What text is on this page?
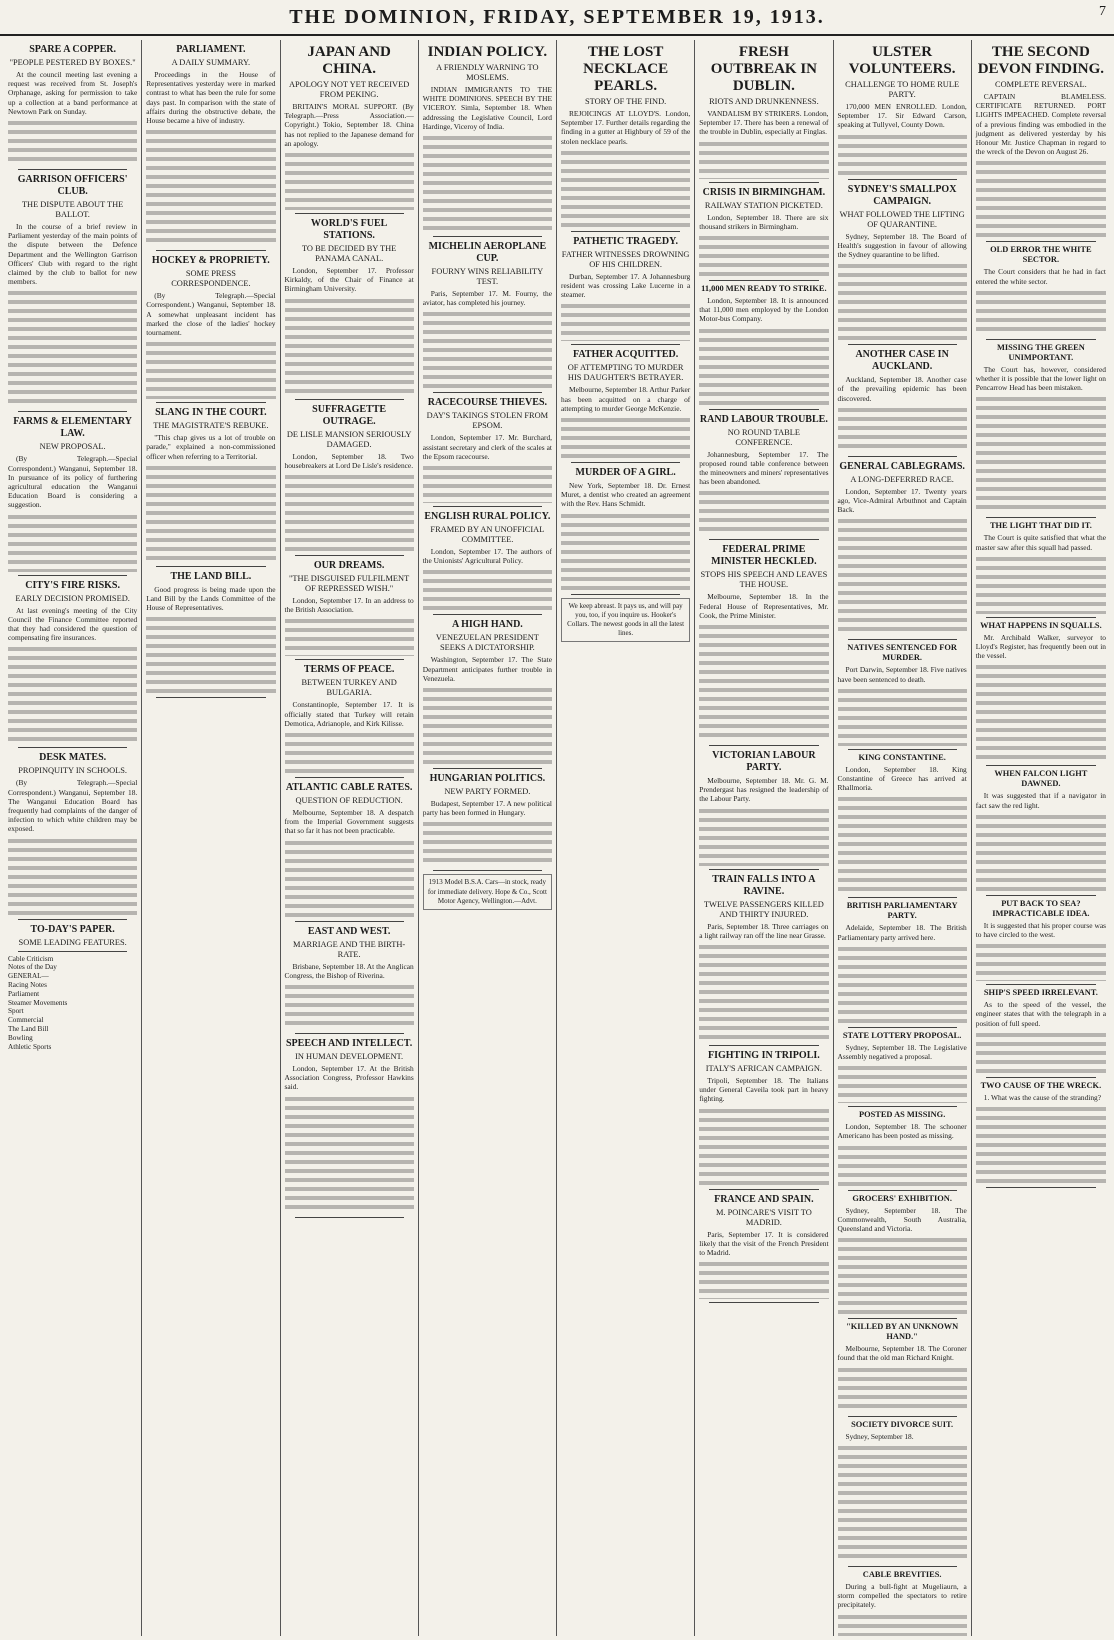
THE DOMINION, FRIDAY, SEPTEMBER 19, 1913.	7
SPARE A COPPER.
"PEOPLE PESTERED BY BOXES."

At the council meeting last evening a request was received from St. Joseph's Orphanage, asking for permission to take up a collection at a band performance at Newtown Park on Sunday.

GARRISON OFFICERS' CLUB.
THE DISPUTE ABOUT THE BALLOT.

In the course of a brief review in Parliament yesterday of the main points of the dispute between the Defence Department and the Wellington Garrison Officers' Club with regard to the right claimed by the club to ballot for new members.

FARMS & ELEMENTARY LAW.
NEW PROPOSAL.

(By Telegraph.—Special Correspondent.) Wanganui, September 18. In pursuance of its policy of furthering agricultural education the Wanganui Education Board is considering a suggestion.

CITY'S FIRE RISKS.
EARLY DECISION PROMISED.

At last evening's meeting of the City Council the Finance Committee reported that they had considered the question of compensating fire insurances.

DESK MATES.
PROPINQUITY IN SCHOOLS.

(By Telegraph.—Special Correspondent.) Wanganui, September 18. The Wanganui Education Board has frequently had complaints of the danger of infection to which white children may be exposed.

TO-DAY'S PAPER.
SOME LEADING FEATURES.
Cable Criticism
Notes of the Day
GENERAL—
Racing Notes
Parliament
Steamer Movements
Sport
Commercial
The Land Bill
Bowling
Athletic Sports
PARLIAMENT.
A DAILY SUMMARY.

Proceedings in the House of Representatives yesterday were in marked contrast to what has been the rule for some days past. In comparison with the state of affairs during the obstructive debate, the House became a hive of industry.

HOCKEY & PROPRIETY.
SOME PRESS CORRESPONDENCE.

(By Telegraph.—Special Correspondent.) Wanganui, September 18. A somewhat unpleasant incident has marked the close of the ladies' hockey tournament.

SLANG IN THE COURT.
THE MAGISTRATE'S REBUKE.

"This chap gives us a lot of trouble on parade," explained a non-commissioned officer when referring to a Territorial.

THE LAND BILL.

Good progress is being made upon the Land Bill by the Lands Committee of the House of Representatives.

JAPAN AND CHINA.
APOLOGY NOT YET RECEIVED FROM PEKING.

BRITAIN'S MORAL SUPPORT. (By Telegraph.—Press Association.—Copyright.) Tokio, September 18. China has not replied to the Japanese demand for an apology.

WORLD'S FUEL STATIONS.
TO BE DECIDED BY THE PANAMA CANAL.

London, September 17. Professor Kirkaldy, of the Chair of Finance at Birmingham University.

SUFFRAGETTE OUTRAGE.
DE LISLE MANSION SERIOUSLY DAMAGED.

London, September 18. Two housebreakers at Lord De Lisle's residence.

OUR DREAMS.
"THE DISGUISED FULFILMENT OF REPRESSED WISH."

London, September 17. In an address to the British Association.

TERMS OF PEACE.
BETWEEN TURKEY AND BULGARIA.

Constantinople, September 17. It is officially stated that Turkey will retain Demotica, Adrianople, and Kirk Kilisse.

ATLANTIC CABLE RATES.
QUESTION OF REDUCTION.

Melbourne, September 18. A despatch from the Imperial Government suggests that so far it has not been practicable.

EAST AND WEST.
MARRIAGE AND THE BIRTH-RATE.

Brisbane, September 18. At the Anglican Congress, the Bishop of Riverina.

SPEECH AND INTELLECT.
IN HUMAN DEVELOPMENT.

London, September 17. At the British Association Congress, Professor Hawkins said.

INDIAN POLICY.
A FRIENDLY WARNING TO MOSLEMS.

INDIAN IMMIGRANTS TO THE WHITE DOMINIONS. SPEECH BY THE VICEROY. Simla, September 18. When addressing the Legislative Council, Lord Hardinge, Viceroy of India.

MICHELIN AEROPLANE CUP.
FOURNY WINS RELIABILITY TEST.

Paris, September 17. M. Fourny, the aviator, has completed his journey.

RACECOURSE THIEVES.
DAY'S TAKINGS STOLEN FROM EPSOM.

London, September 17. Mr. Burchard, assistant secretary and clerk of the scales at the Epsom racecourse.

ENGLISH RURAL POLICY.
FRAMED BY AN UNOFFICIAL COMMITTEE.

London, September 17. The authors of the Unionists' Agricultural Policy.

A HIGH HAND.
VENEZUELAN PRESIDENT SEEKS A DICTATORSHIP.

Washington, September 17. The State Department anticipates further trouble in Venezuela.

HUNGARIAN POLITICS.
NEW PARTY FORMED.

Budapest, September 17. A new political party has been formed in Hungary.

1913 Model B.S.A. Cars—in stock, ready for immediate delivery. Hope & Co., Scott Motor Agency, Wellington.—Advt.
THE LOST NECKLACE PEARLS.
STORY OF THE FIND.

REJOICINGS AT LLOYD'S. London, September 17. Further details regarding the finding in a gutter at Highbury of 59 of the stolen necklace pearls.

PATHETIC TRAGEDY.
FATHER WITNESSES DROWNING OF HIS CHILDREN.

Durban, September 17. A Johannesburg resident was crossing Lake Lucerne in a steamer.

FATHER ACQUITTED.
OF ATTEMPTING TO MURDER HIS DAUGHTER'S BETRAYER.

Melbourne, September 18. Arthur Parker has been acquitted on a charge of attempting to murder George McKenzie.

MURDER OF A GIRL.

New York, September 18. Dr. Ernest Muret, a dentist who created an agreement with the Rev. Hans Schmidt.

We keep abreast. It pays us, and will pay you, too, if you inquire us. Hooker's Collars. The newest goods in all the latest lines.
FRESH OUTBREAK IN DUBLIN.
RIOTS AND DRUNKENNESS.

VANDALISM BY STRIKERS. London, September 17. There has been a renewal of the trouble in Dublin, especially at Finglas.

CRISIS IN BIRMINGHAM.
RAILWAY STATION PICKETED.

London, September 18. There are six thousand strikers in Birmingham.

11,000 MEN READY TO STRIKE.

London, September 18. It is announced that 11,000 men employed by the London Motor-bus Company.

RAND LABOUR TROUBLE.
NO ROUND TABLE CONFERENCE.

Johannesburg, September 17. The proposed round table conference between the mineowners and miners' representatives has been abandoned.

FEDERAL PRIME MINISTER HECKLED.
STOPS HIS SPEECH AND LEAVES THE HOUSE.

Melbourne, September 18. In the Federal House of Representatives, Mr. Cook, the Prime Minister.

VICTORIAN LABOUR PARTY.

Melbourne, September 18. Mr. G. M. Prendergast has resigned the leadership of the Labour Party.

TRAIN FALLS INTO A RAVINE.
TWELVE PASSENGERS KILLED AND THIRTY INJURED.

Paris, September 18. Three carriages on a light railway ran off the line near Grasse.

FIGHTING IN TRIPOLI.
ITALY'S AFRICAN CAMPAIGN.

Tripoli, September 18. The Italians under General Caveila took part in heavy fighting.

FRANCE AND SPAIN.
M. POINCARE'S VISIT TO MADRID.

Paris, September 17. It is considered likely that the visit of the French President to Madrid.

ULSTER VOLUNTEERS.
CHALLENGE TO HOME RULE PARTY.

170,000 MEN ENROLLED. London, September 17. Sir Edward Carson, speaking at Tullyvel, County Down.

SYDNEY'S SMALLPOX CAMPAIGN.
WHAT FOLLOWED THE LIFTING OF QUARANTINE.

Sydney, September 18. The Board of Health's suggestion in favour of allowing the Sydney quarantine to be lifted.

ANOTHER CASE IN AUCKLAND.

Auckland, September 18. Another case of the prevailing epidemic has been discovered.

GENERAL CABLEGRAMS.
A LONG-DEFERRED RACE.

London, September 17. Twenty years ago, Vice-Admiral Arbuthnot and Captain Back.

NATIVES SENTENCED FOR MURDER.

Port Darwin, September 18. Five natives have been sentenced to death.

KING CONSTANTINE.

London, September 18. King Constantine of Greece has arrived at Rhallmoria.

BRITISH PARLIAMENTARY PARTY.

Adelaide, September 18. The British Parliamentary party arrived here.

STATE LOTTERY PROPOSAL.

Sydney, September 18. The Legislative Assembly negatived a proposal.

POSTED AS MISSING.

London, September 18. The schooner Americano has been posted as missing.

GROCERS' EXHIBITION.

Sydney, September 18. The Commonwealth, South Australia, Queensland and Victoria.

"KILLED BY AN UNKNOWN HAND."

Melbourne, September 18. The Coroner found that the old man Richard Knight.

SOCIETY DIVORCE SUIT.

Sydney, September 18.

CABLE BREVITIES.

During a bull-fight at Mugeliaurn, a storm compelled the spectators to retire precipitately.

THE SECOND DEVON FINDING.
COMPLETE REVERSAL.

CAPTAIN BLAMELESS. CERTIFICATE RETURNED. PORT LIGHTS IMPEACHED. Complete reversal of a previous finding was embodied in the judgment as delivered yesterday by his Honour Mr. Justice Chapman in regard to the wreck of the Devon on August 26.

OLD ERROR THE WHITE SECTOR.

The Court considers that he had in fact entered the white sector.

MISSING THE GREEN UNIMPORTANT.

The Court has, however, considered whether it is possible that the lower light on Pencarrow Head has been mistaken.

THE LIGHT THAT DID IT.

The Court is quite satisfied that what the master saw after this squall had passed.

WHAT HAPPENS IN SQUALLS.

Mr. Archibald Walker, surveyor to Lloyd's Register, has frequently been out in the vessel.

WHEN FALCON LIGHT DAWNED.

It was suggested that if a navigator in fact saw the red light.

PUT BACK TO SEA? IMPRACTICABLE IDEA.

It is suggested that his proper course was to have circled to the west.

SHIP'S SPEED IRRELEVANT.

As to the speed of the vessel, the engineer states that with the telegraph in a position of full speed.

TWO CAUSE OF THE WRECK.

1. What was the cause of the stranding?
